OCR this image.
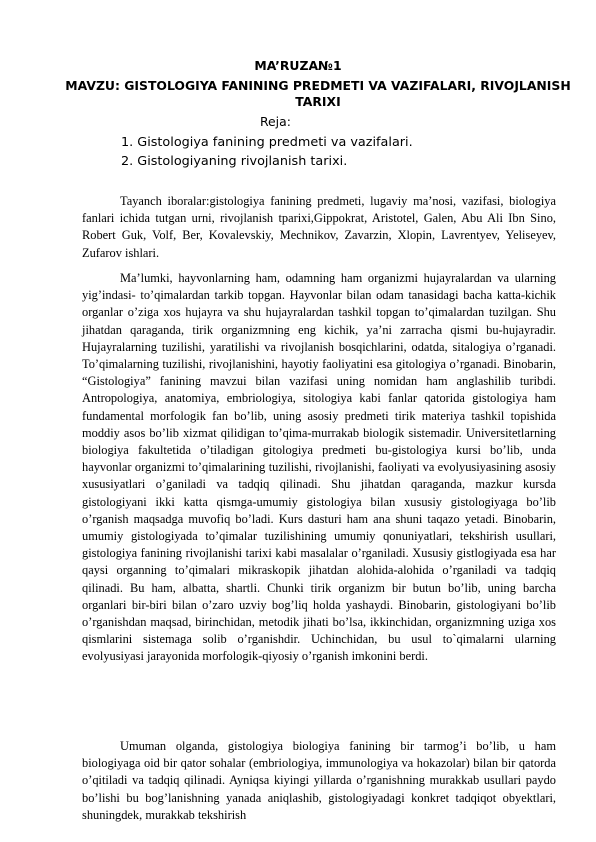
MA’RUZA№1
MAVZU: GISTOLOGIYA FANINING PREDMETI VA VAZIFALARI, RIVOJLANISH TARIXI
Reja:
1. Gistologiya fanining predmeti va vazifalari.
2. Gistologiyaning rivojlanish tarixi.

Tayanch iboralar:gistologiya fanining predmeti, lugaviy ma’nosi, vazifasi, biologiya fanlari ichida tutgan urni, rivojlanish tparixi,Gippokrat, Aristotel, Galen, Abu Ali Ibn Sino, Robert Guk, Volf, Ber, Kovalevskiy, Mechnikov, Zavarzin, Xlopin, Lavrentyev, Yeliseyev, Zufarov ishlari.

Ma’lumki, hayvonlarning ham, odamning ham organizmi hujayralardan va ularning yig’indasi- to’qimalardan tarkib topgan. Hayvonlar bilan odam tanasidagi bacha katta-kichik organlar o’ziga xos hujayra va shu hujayralardan tashkil topgan to’qimalardan tuzilgan. Shu jihatdan qaraganda, tirik organizmning eng kichik, ya’ni zarracha qismi bu-hujayradir. Hujayralarning tuzilishi, yaratilishi va rivojlanish bosqichlarini, odatda, sitalogiya o’rganadi. To’qimalarning tuzilishi, rivojlanishini, hayotiy faoliyatini esa gitologiya o’rganadi. Binobarin, “Gistologiya” fanining mavzui bilan vazifasi uning nomidan ham anglashilib turibdi. Antropologiya, anatomiya, embriologiya, sitologiya kabi fanlar qatorida gistologiya ham fundamental morfologik fan bo’lib, uning asosiy predmeti tirik materiya tashkil topishida moddiy asos bo’lib xizmat qilidigan to’qima-murrakab biologik sistemadir. Universitetlarning biologiya fakultetida o’tiladigan gitologiya predmeti bu-gistologiya kursi bo’lib, unda hayvonlar organizmi to’qimalarining tuzilishi, rivojlanishi, faoliyati va evolyusiyasining asosiy xususiyatlari o’ganiladi va tadqiq qilinadi. Shu jihatdan qaraganda, mazkur kursda gistologiyani ikki katta qismga-umumiy gistologiya bilan xususiy gistologiyaga bo’lib o’rganish maqsadga muvofiq bo’ladi. Kurs dasturi ham ana shuni taqazo yetadi. Binobarin, umumiy gistologiyada to’qimalar tuzilishining umumiy qonuniyatlari, tekshirish usullari, gistologiya fanining rivojlanishi tarixi kabi masalalar o’rganiladi. Xususiy gistlogiyada esa har qaysi organning to’qimalari mikraskopik jihatdan alohida-alohida o’rganiladi va tadqiq qilinadi. Bu ham, albatta, shartli. Chunki tirik organizm bir butun bo’lib, uning barcha organlari bir-biri bilan o’zaro uzviy bog’liq holda yashaydi. Binobarin, gistologiyani bo’lib o’rganishdan maqsad, birinchidan, metodik jihati bo’lsa, ikkinchidan, organizmning uziga xos qismlarini sistemaga solib o’rganishdir. Uchinchidan, bu usul to`qimalarni ularning evolyusiyasi jarayonida morfologik-qiyosiy o’rganish imkonini berdi.

Umuman olganda, gistologiya biologiya fanining bir tarmog’i bo’lib, u ham biologiyaga oid bir qator sohalar (embriologiya, immunologiya va hokazolar) bilan bir qatorda o’qitiladi va tadqiq qilinadi. Ayniqsa kiyingi yillarda o’rganishning murakkab usullari paydo bo’lishi bu bog’lanishning yanada aniqlashib, gistologiyadagi konkret tadqiqot obyektlari, shuningdek, murakkab tekshirish
